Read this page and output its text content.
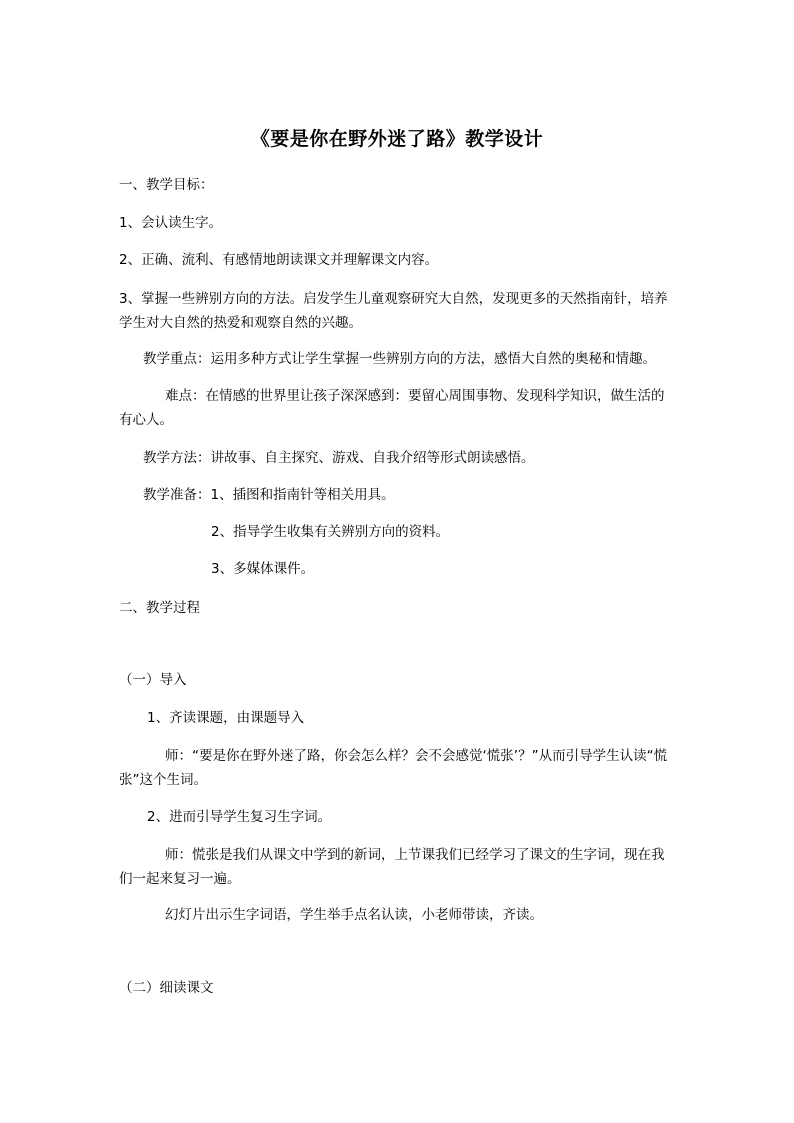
《要是你在野外迷了路》教学设计
一、教学目标：
1、会认读生字。
2、正确、流利、有感情地朗读课文并理解课文内容。
3、掌握一些辨别方向的方法。启发学生儿童观察研究大自然，发现更多的天然指南针，培养学生对大自然的热爱和观察自然的兴趣。
教学重点：运用多种方式让学生掌握一些辨别方向的方法，感悟大自然的奥秘和情趣。
难点：在情感的世界里让孩子深深感到：要留心周围事物、发现科学知识，做生活的有心人。
教学方法：讲故事、自主探究、游戏、自我介绍等形式朗读感悟。
教学准备：1、插图和指南针等相关用具。
2、指导学生收集有关辨别方向的资料。
3、多媒体课件。
二、教学过程
（一）导入
1、齐读课题，由课题导入
师：“要是你在野外迷了路，你会怎么样？会不会感觉‘慌张’？”从而引导学生认读“慌张”这个生词。
2、进而引导学生复习生字词。
师：慌张是我们从课文中学到的新词，上节课我们已经学习了课文的生字词，现在我们一起来复习一遍。
幻灯片出示生字词语，学生举手点名认读，小老师带读，齐读。
（二）细读课文
